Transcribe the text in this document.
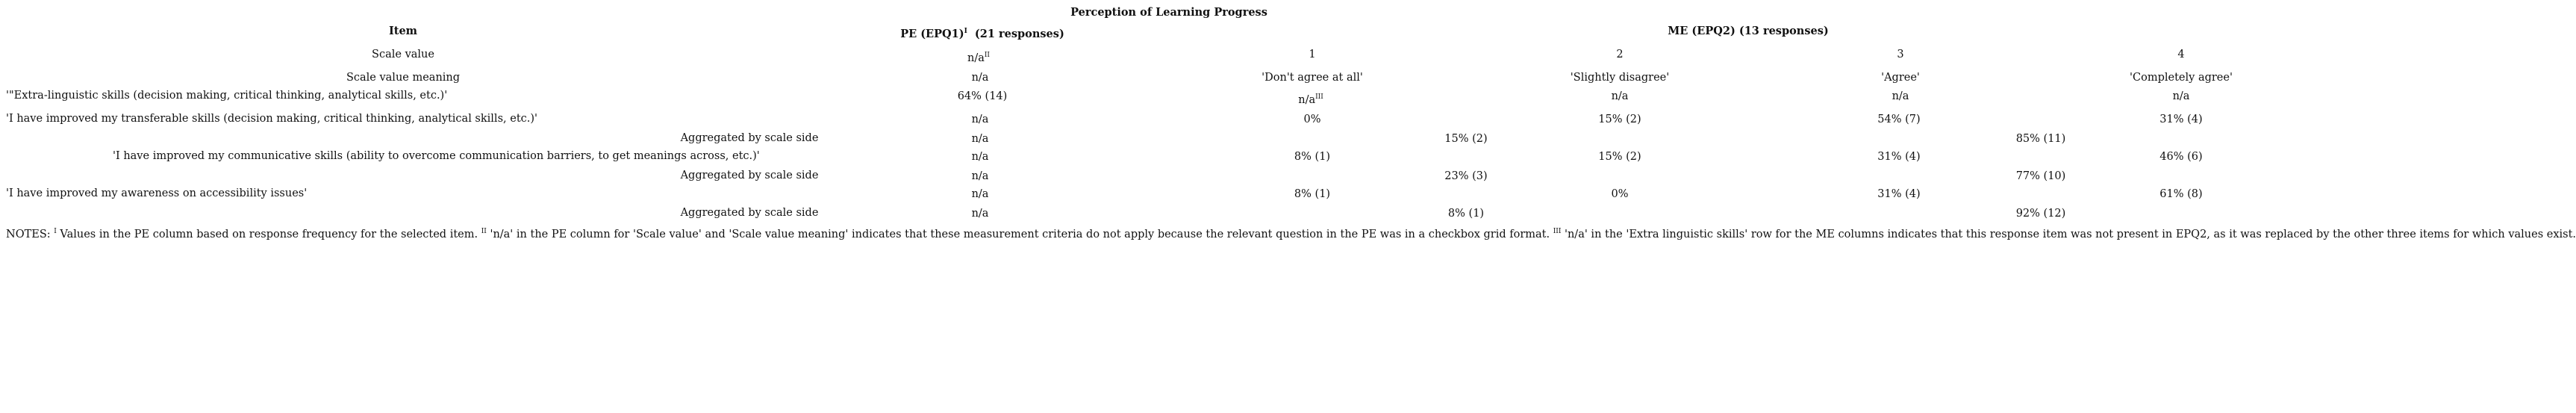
Perception of Learning Progress
Item	PE $(EPQ1)^I$ (21 responses)	ME (EPQ2) (13 responses)
Scale value	$n/a^{II}$	1	2	3	4
Scale value meaning	n/a	'Don't agree at all'	'Slightly disagree'	'Agree'	'Completely agree'
'"Extra-linguistic skills (decision making, critical thinking, analytical skills, etc.)'	64% (14)	$n/a^{III}$	n/a	n/a	n/a
'I have improved my transferable skills (decision making, critical thinking, analytical skills, etc.)'	n/a	0%	15% (2)	54% (7)	31% (4)
Aggregated by scale side	n/a	15% (2)	85% (11)
'I have improved my communicative skills (ability to overcome communication barriers, to get meanings across, etc.)'	n/a	8% (1)	15% (2)	31% (4)	46% (6)
Aggregated by scale side	n/a	23% (3)	77% (10)
'I have improved my awareness on accessibility issues'	n/a	8% (1)	0%	31% (4)	61% (8)
Aggregated by scale side	n/a	8% (1)	92% (12)
NOTES: $^I$ Values in the PE column based on response frequency for the selected item. $^{II}$ 'n/a' in the PE column for 'Scale value' and 'Scale value meaning' indicates that these measurement criteria do not apply because the relevant question in the PE was in a checkbox grid format. $^{III}$ 'n/a' in the 'Extra linguistic skills' row for the ME columns indicates that this response item was not present in EPQ2, as it was replaced by the other three items for which values exist.
